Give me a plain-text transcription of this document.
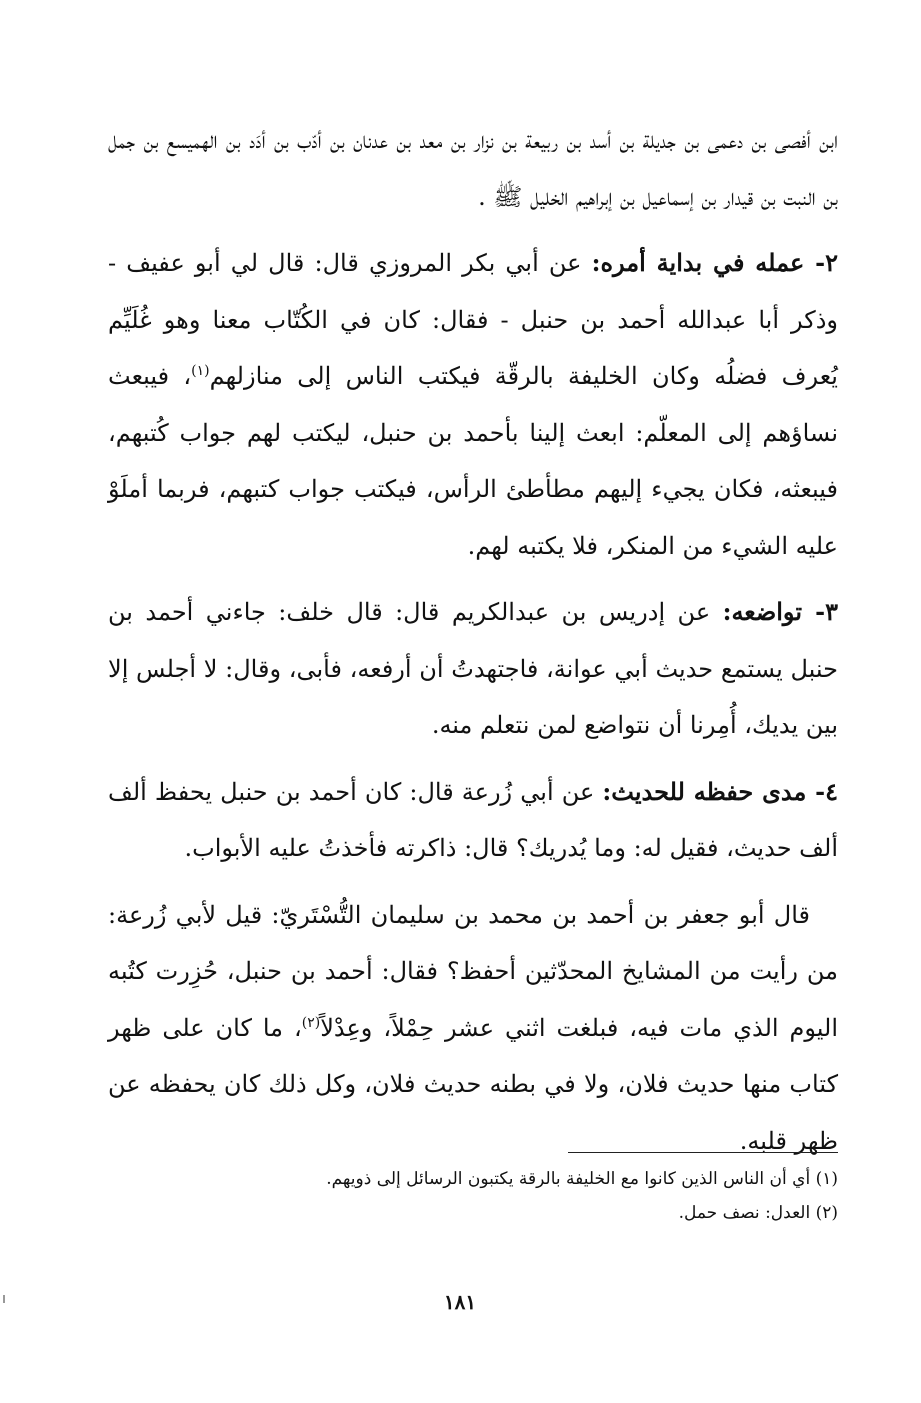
ابن أفصى بن دعمى بن جديلة بن أسد بن ربيعة بن نزار بن معد بن عدنان بن أدّب بن أدَد بن الهميسع بن جمل بن النبت بن قيدار بن إسماعيل بن إبراهيم الخليل ﷺ .

٢- عمله في بداية أمره: عن أبي بكر المروزي قال: قال لي أبو عفيف - وذكر أبا عبدالله أحمد بن حنبل - فقال: كان في الكُتّاب معنا وهو غُلَيِّم يُعرف فضلُه وكان الخليفة بالرقّة فيكتب الناس إلى منازلهم$^{(١)}$، فيبعث نساؤهم إلى المعلّم: ابعث إلينا بأحمد بن حنبل، ليكتب لهم جواب كُتبهم، فيبعثه، فكان يجيء إليهم مطأطئ الرأس، فيكتب جواب كتبهم، فربما أملَوْ عليه الشيء من المنكر، فلا يكتبه لهم.

٣- تواضعه: عن إدريس بن عبدالكريم قال: قال خلف: جاءني أحمد بن حنبل يستمع حديث أبي عوانة، فاجتهدتُ أن أرفعه، فأبى، وقال: لا أجلس إلا بين يديك، أُمِرنا أن نتواضع لمن نتعلم منه.

٤- مدى حفظه للحديث: عن أبي زُرعة قال: كان أحمد بن حنبل يحفظ ألف ألف حديث، فقيل له: وما يُدريك؟ قال: ذاكرته فأخذتُ عليه الأبواب.

قال أبو جعفر بن أحمد بن محمد بن سليمان التُّسْتَريّ: قيل لأبي زُرعة: من رأيت من المشايخ المحدّثين أحفظ؟ فقال: أحمد بن حنبل، حُزِرت كتُبه اليوم الذي مات فيه، فبلغت اثني عشر حِمْلاً، وعِدْلاً$^{(٢)}$، ما كان على ظهر كتاب منها حديث فلان، ولا في بطنه حديث فلان، وكل ذلك كان يحفظه عن ظهر قلبه.

(١) أي أن الناس الذين كانوا مع الخليفة بالرقة يكتبون الرسائل إلى ذويهم.

(٢) العدل: نصف حمل.

١٨١
